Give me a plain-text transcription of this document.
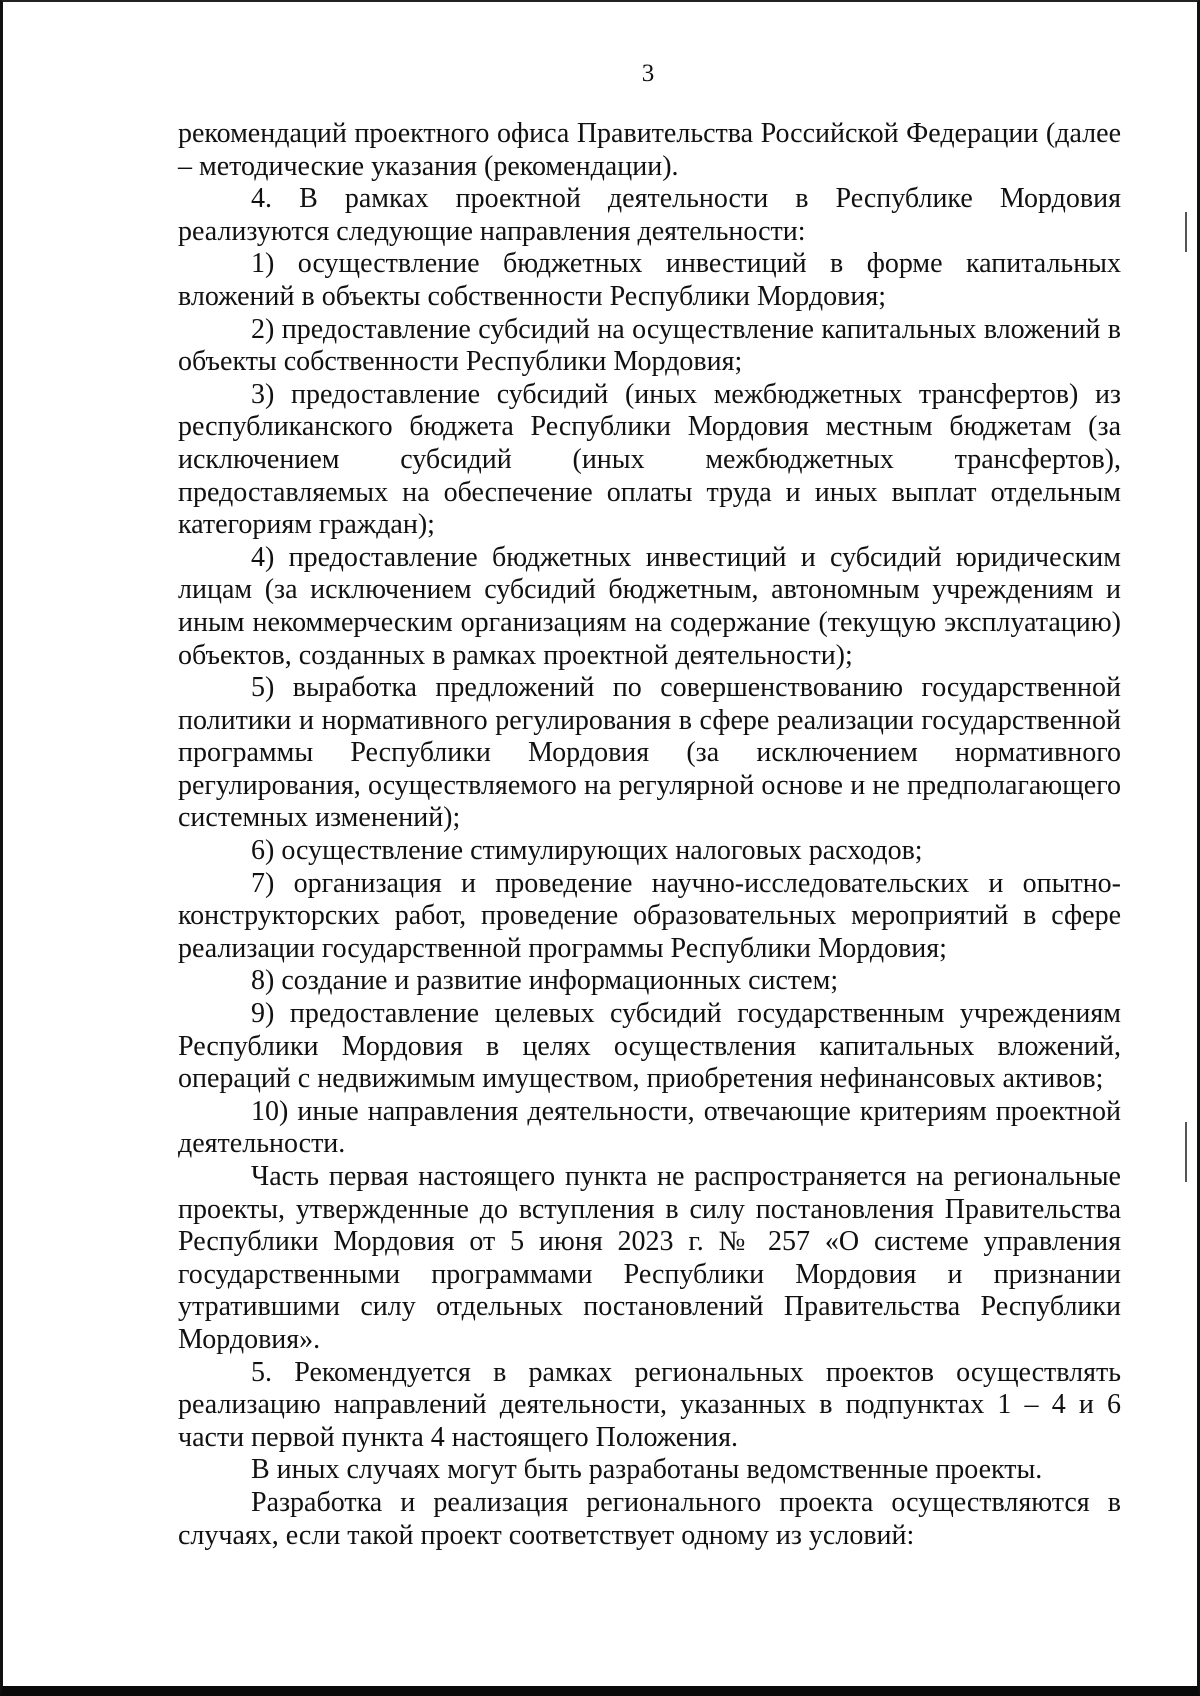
3

рекомендаций проектного офиса Правительства Российской Федерации (далее – методические указания (рекомендации).

4. В рамках проектной деятельности в Республике Мордовия реализуются следующие направления деятельности:

1) осуществление бюджетных инвестиций в форме капитальных вложений в объекты собственности Республики Мордовия;

2) предоставление субсидий на осуществление капитальных вложений в объекты собственности Республики Мордовия;

3) предоставление субсидий (иных межбюджетных трансфертов) из республиканского бюджета Республики Мордовия местным бюджетам (за исключением субсидий (иных межбюджетных трансфертов), предоставляемых на обеспечение оплаты труда и иных выплат отдельным категориям граждан);

4) предоставление бюджетных инвестиций и субсидий юридическим лицам (за исключением субсидий бюджетным, автономным учреждениям и иным некоммерческим организациям на содержание (текущую эксплуатацию) объектов, созданных в рамках проектной деятельности);

5) выработка предложений по совершенствованию государственной политики и нормативного регулирования в сфере реализации государственной программы Республики Мордовия (за исключением нормативного регулирования, осуществляемого на регулярной основе и не предполагающего системных изменений);

6) осуществление стимулирующих налоговых расходов;

7) организация и проведение научно-исследовательских и опытно-конструкторских работ, проведение образовательных мероприятий в сфере реализации государственной программы Республики Мордовия;

8) создание и развитие информационных систем;

9) предоставление целевых субсидий государственным учреждениям Республики Мордовия в целях осуществления капитальных вложений, операций с недвижимым имуществом, приобретения нефинансовых активов;

10) иные направления деятельности, отвечающие критериям проектной деятельности.

Часть первая настоящего пункта не распространяется на региональные проекты, утвержденные до вступления в силу постановления Правительства Республики Мордовия от 5 июня 2023 г. № 257 «О системе управления государственными программами Республики Мордовия и признании утратившими силу отдельных постановлений Правительства Республики Мордовия».

5. Рекомендуется в рамках региональных проектов осуществлять реализацию направлений деятельности, указанных в подпунктах 1 – 4 и 6 части первой пункта 4 настоящего Положения.

В иных случаях могут быть разработаны ведомственные проекты.

Разработка и реализация регионального проекта осуществляются в случаях, если такой проект соответствует одному из условий:
